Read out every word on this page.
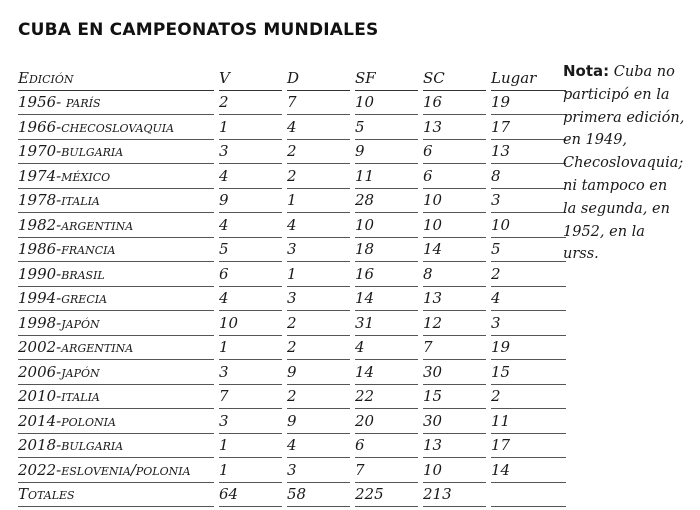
CUBA EN CAMPEONATOS MUNDIALES
Edición		V		D		SF		SC		Lugar
1956- parís		2		7		10		16		19
1966-checoslovaquia		1		4		5		13		17
1970-bulgaria		3		2		9		6		13
1974-méxico		4		2		11		6		8
1978-italia		9		1		28		10		3
1982-argentina		4		4		10		10		10
1986-francia		5		3		18		14		5
1990-brasil		6		1		16		8		2
1994-grecia		4		3		14		13		4
1998-japón		10		2		31		12		3
2002-argentina		1		2		4		7		19
2006-japón		3		9		14		30		15
2010-italia		7		2		22		15		2
2014-polonia		3		9		20		30		11
2018-bulgaria		1		4		6		13		17
2022-eslovenia/polonia		1		3		7		10		14
Totales		64		58		225		213		
Nota: Cuba no participó en la primera edición, en 1949, Checoslovaquia; ni tampoco en la segunda, en 1952, en la urss.
